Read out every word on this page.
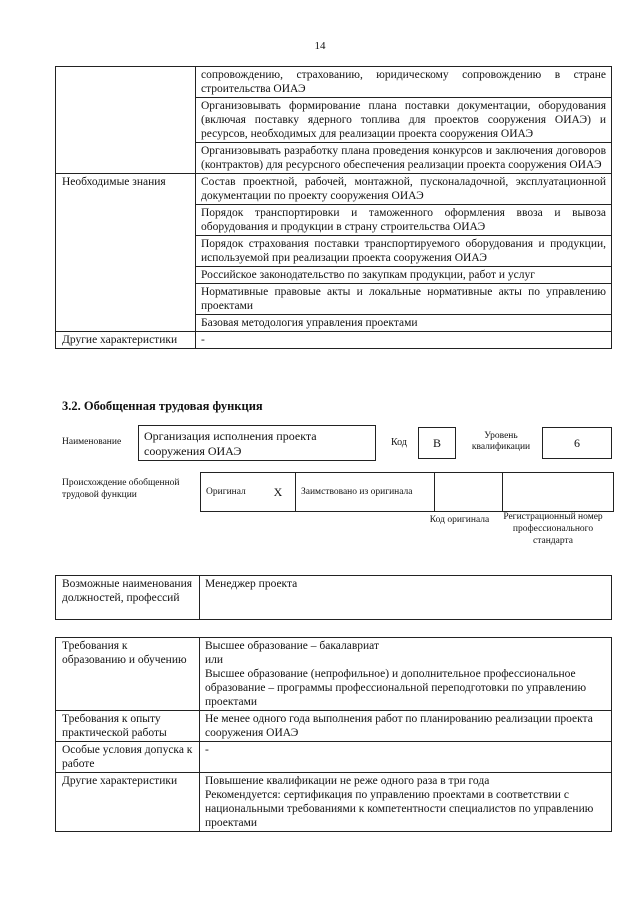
14
	сопровождению, страхованию, юридическому сопровождению в стране строительства ОИАЭ
	Организовывать формирование плана поставки документации, оборудования (включая поставку ядерного топлива для проектов сооружения ОИАЭ) и ресурсов, необходимых для реализации проекта сооружения ОИАЭ
	Организовывать разработку плана проведения конкурсов и заключения договоров (контрактов) для ресурсного обеспечения реализации проекта сооружения ОИАЭ
Необходимые знания	Состав проектной, рабочей, монтажной, пусконаладочной, эксплуатационной документации по проекту сооружения ОИАЭ
	Порядок транспортировки и таможенного оформления ввоза и вывоза оборудования и продукции в страну строительства ОИАЭ
	Порядок страхования поставки транспортируемого оборудования и продукции, используемой при реализации проекта сооружения ОИАЭ
	Российское законодательство по закупкам продукции, работ и услуг
	Нормативные правовые акты и локальные нормативные акты по управлению проектами
	Базовая методология управления проектами
Другие характеристики	-
3.2. Обобщенная трудовая функция
Наименование	Организация исполнения проекта сооружения ОИАЭ
Код	B	Уровень квалификации	6
Происхождение обобщенной трудовой функции	Оригинал	X	Заимствовано из оригинала		
Код оригинала	Регистрационный номер профессионального стандарта
Возможные наименования должностей, профессий	Менеджер проекта
Требования к образованию и обучению	Высшее образование – бакалавриат
или
Высшее образование (непрофильное) и дополнительное профессиональное образование – программы профессиональной переподготовки по управлению проектами

Требования к опыту практической работы	Не менее одного года выполнения работ по планированию реализации проекта сооружения ОИАЭ

Особые условия допуска к работе	-

Другие характеристики	Повышение квалификации не реже одного раза в три года
Рекомендуется: сертификация по управлению проектами в соответствии с национальными требованиями к компетентности специалистов по управлению проектами
